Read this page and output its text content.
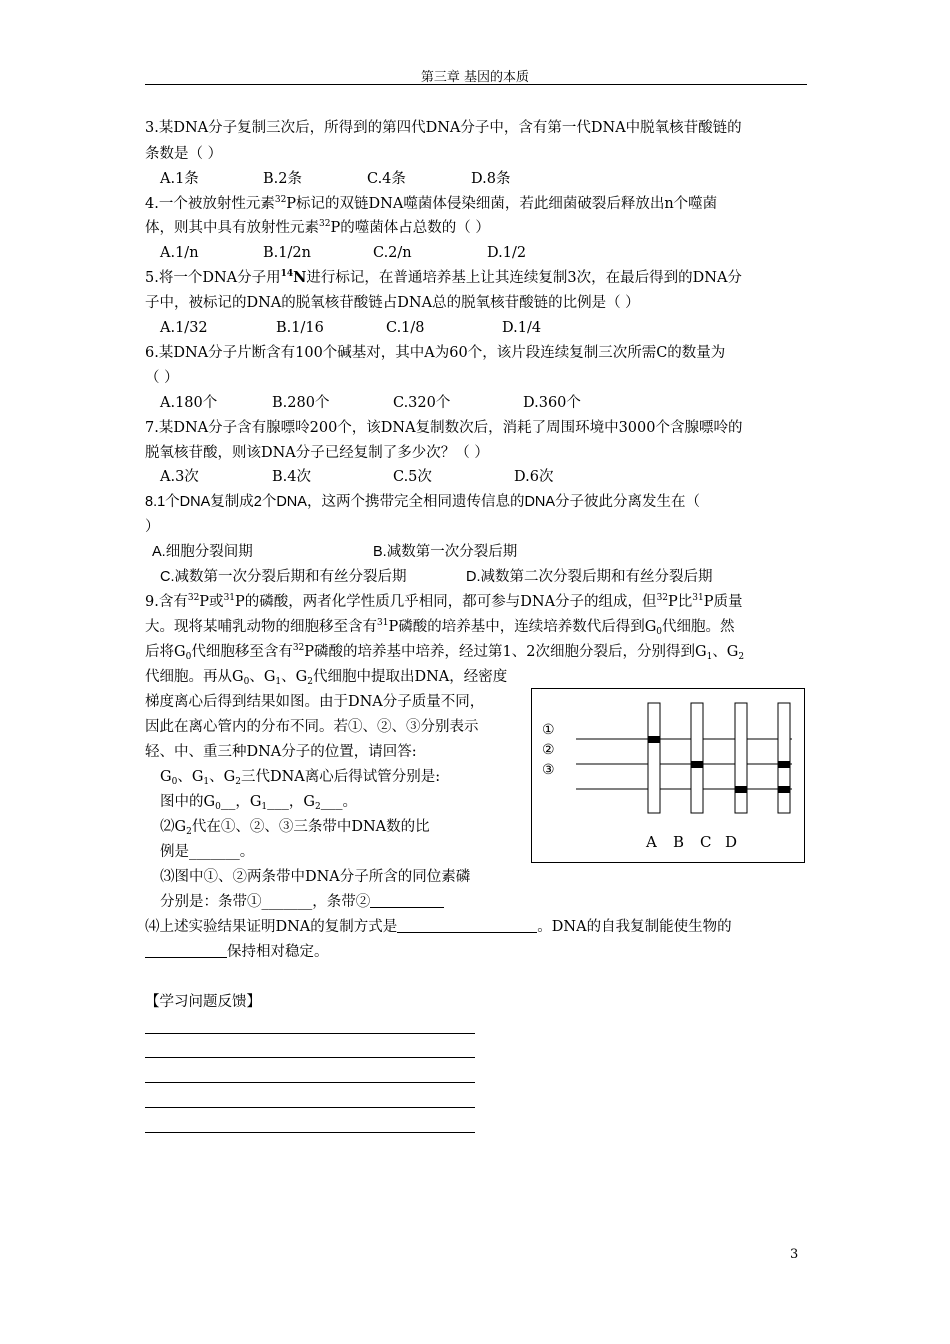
第三章 基因的本质
3.某DNA分子复制三次后，所得到的第四代DNA分子中，含有第一代DNA中脱氧核苷酸链的
条数是（ ）
A.1条	B.2条	C.4条	D.8条
4.一个被放射性元素$^{32}$P标记的双链DNA噬菌体侵染细菌，若此细菌破裂后释放出n个噬菌
体，则其中具有放射性元素$^{32}$P的噬菌体占总数的（ ）
A.1/n	B.1/2n	C.2/n	D.1/2
5.将一个DNA分子用$^{14}$N进行标记，在普通培养基上让其连续复制3次，在最后得到的DNA分
子中，被标记的DNA的脱氧核苷酸链占DNA总的脱氧核苷酸链的比例是（ ）
A.1/32	B.1/16	C.1/8	D.1/4
6.某DNA分子片断含有100个碱基对，其中A为60个，该片段连续复制三次所需C的数量为
（ ）
A.180个	B.280个	C.320个	D.360个
7.某DNA分子含有腺嘌呤200个，该DNA复制数次后，消耗了周围环境中3000个含腺嘌呤的
脱氧核苷酸，则该DNA分子已经复制了多少次？（ ）
A.3次	B.4次	C.5次	D.6次
8.1个DNA复制成2个DNA，这两个携带完全相同遗传信息的DNA分子彼此分离发生在（
）
A.细胞分裂间期	B.减数第一次分裂后期
C.减数第一次分裂后期和有丝分裂后期	D.减数第二次分裂后期和有丝分裂后期
9.含有$^{32}$P或$^{31}$P的磷酸，两者化学性质几乎相同，都可参与DNA分子的组成，但$^{32}$P比$^{31}$P质量
大。现将某哺乳动物的细胞移至含有$^{31}$P磷酸的培养基中，连续培养数代后得到$G_0$代细胞。然
后将$G_0$代细胞移至含有$^{32}$P磷酸的培养基中培养，经过第1、2次细胞分裂后，分别得到$G_1$、$G_2$
代细胞。再从$G_0$、$G_1$、$G_2$代细胞中提取出DNA，经密度
梯度离心后得到结果如图。由于DNA分子质量不同，
因此在离心管内的分布不同。若①、②、③分别表示
轻、中、重三种DNA分子的位置，请回答:
$G_0$、$G_1$、$G_2$三代DNA离心后得试管分别是:
图中的$G_0\_\_$，$G_1\_\_\_$，$G_2\_\_\_$。
$⑵G_2$代在①、②、③三条带中DNA数的比
例是_______。
⑶图中①、②两条带中DNA分子所含的同位素磷
分别是：条带①_______，条带②
⑷上述实验结果证明DNA的复制方式是	。DNA的自我复制能使生物的
保持相对稳定。
①
②
③
A B C D
【学习问题反馈】
3
